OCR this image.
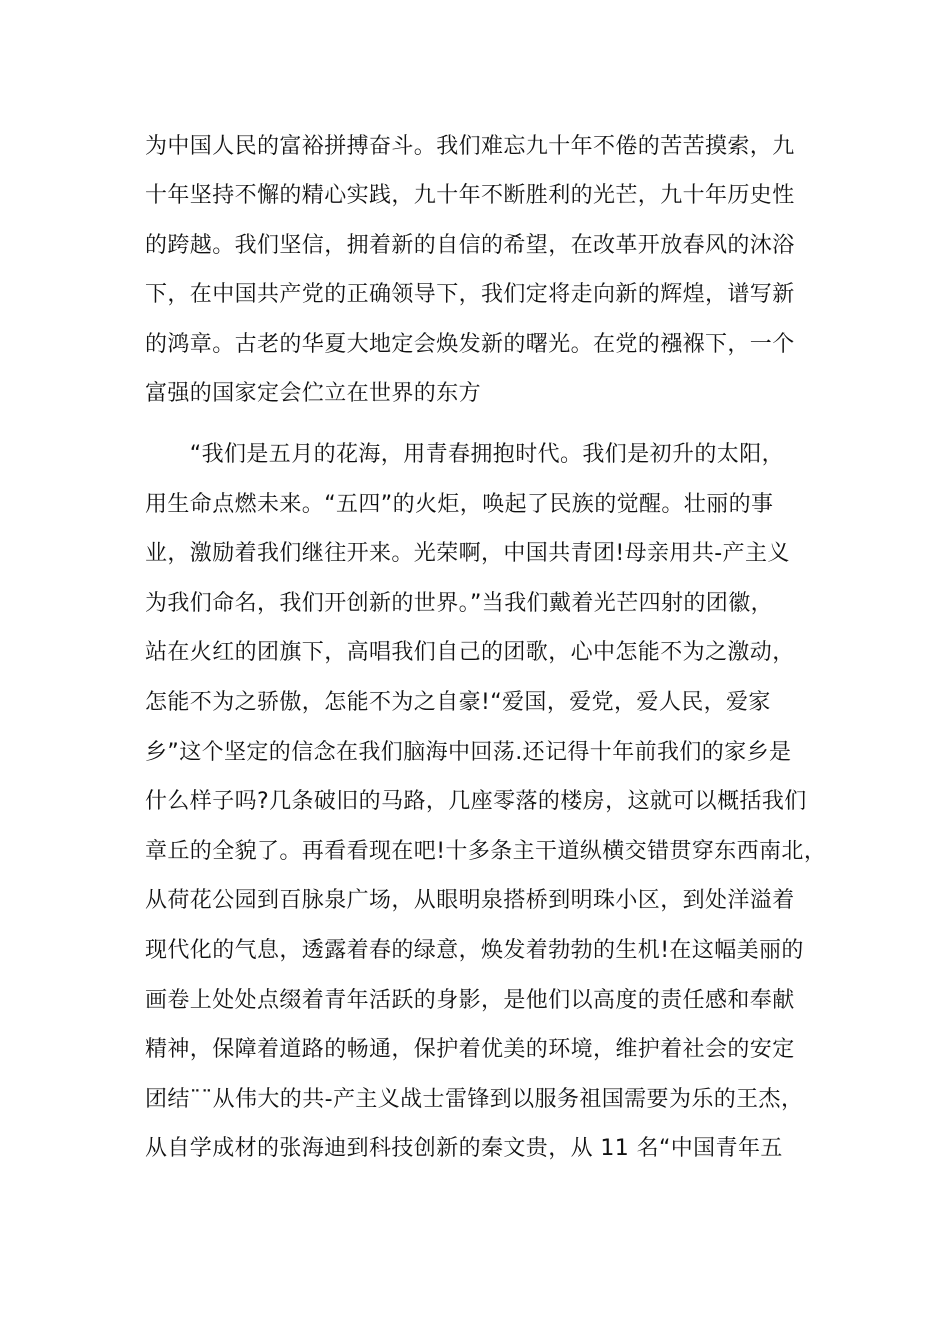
为中国人民的富裕拼搏奋斗。我们难忘九十年不倦的苦苦摸索，九
十年坚持不懈的精心实践，九十年不断胜利的光芒，九十年历史性
的跨越。我们坚信，拥着新的自信的希望，在改革开放春风的沐浴
下，在中国共产党的正确领导下，我们定将走向新的辉煌，谱写新
的鸿章。古老的华夏大地定会焕发新的曙光。在党的襁褓下，一个
富强的国家定会伫立在世界的东方
　　“我们是五月的花海，用青春拥抱时代。我们是初升的太阳，
用生命点燃未来。“五四”的火炬，唤起了民族的觉醒。壮丽的事
业，激励着我们继往开来。光荣啊，中国共青团!母亲用共-产主义
为我们命名，我们开创新的世界。”当我们戴着光芒四射的团徽，
站在火红的团旗下，高唱我们自己的团歌，心中怎能不为之激动，
怎能不为之骄傲，怎能不为之自豪!“爱国，爱党，爱人民，爱家
乡”这个坚定的信念在我们脑海中回荡.还记得十年前我们的家乡是
什么样子吗?几条破旧的马路，几座零落的楼房，这就可以概括我们
章丘的全貌了。再看看现在吧!十多条主干道纵横交错贯穿东西南北，
从荷花公园到百脉泉广场，从眼明泉搭桥到明珠小区，到处洋溢着
现代化的气息，透露着春的绿意，焕发着勃勃的生机!在这幅美丽的
画卷上处处点缀着青年活跃的身影，是他们以高度的责任感和奉献
精神，保障着道路的畅通，保护着优美的环境，维护着社会的安定
团结¨¨从伟大的共-产主义战士雷锋到以服务祖国需要为乐的王杰，
从自学成材的张海迪到科技创新的秦文贵，从 11 名“中国青年五
